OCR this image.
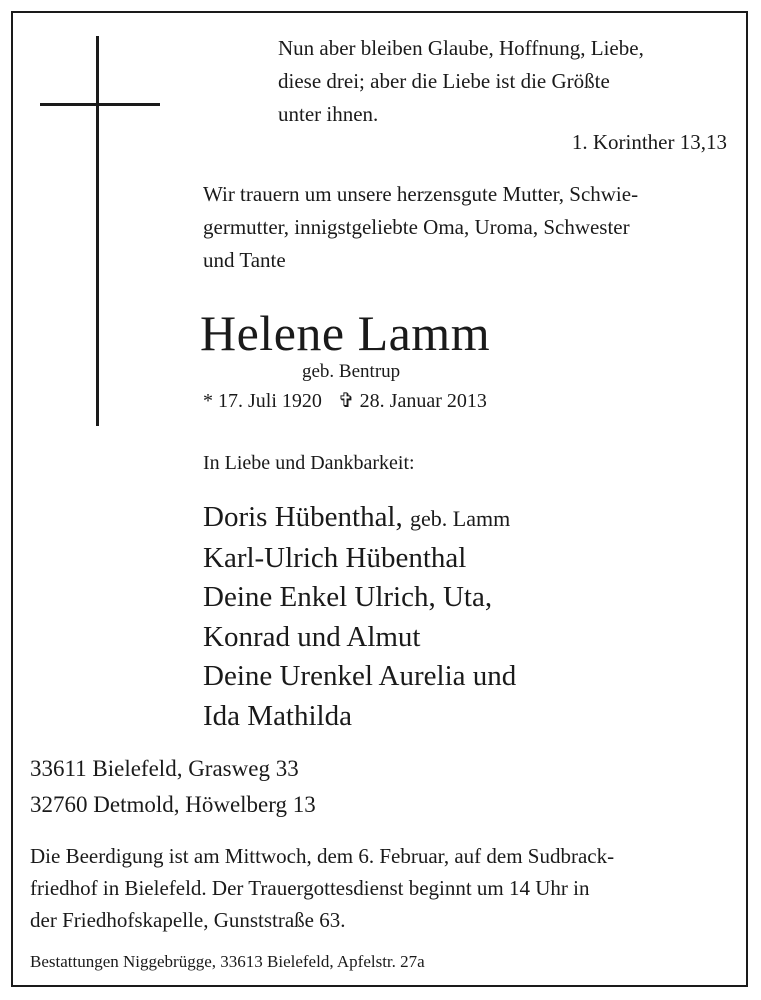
Nun aber bleiben Glaube, Hoffnung, Liebe,
diese drei; aber die Liebe ist die Größte
unter ihnen.
1. Korinther 13,13
Wir trauern um unsere herzensgute Mutter, Schwie-
germutter, innigstgeliebte Oma, Uroma, Schwester
und Tante
Helene Lamm
geb. Bentrup
* 17. Juli 1920 ✞ 28. Januar 2013
In Liebe und Dankbarkeit:
Doris Hübenthal, geb. Lamm
Karl-Ulrich Hübenthal
Deine Enkel Ulrich, Uta,
Konrad und Almut
Deine Urenkel Aurelia und
Ida Mathilda
33611 Bielefeld, Grasweg 33
32760 Detmold, Höwelberg 13
Die Beerdigung ist am Mittwoch, dem 6. Februar, auf dem Sudbrack-
friedhof in Bielefeld. Der Trauergottesdienst beginnt um 14 Uhr in
der Friedhofskapelle, Gunststraße 63.
Bestattungen Niggebrügge, 33613 Bielefeld, Apfelstr. 27a
